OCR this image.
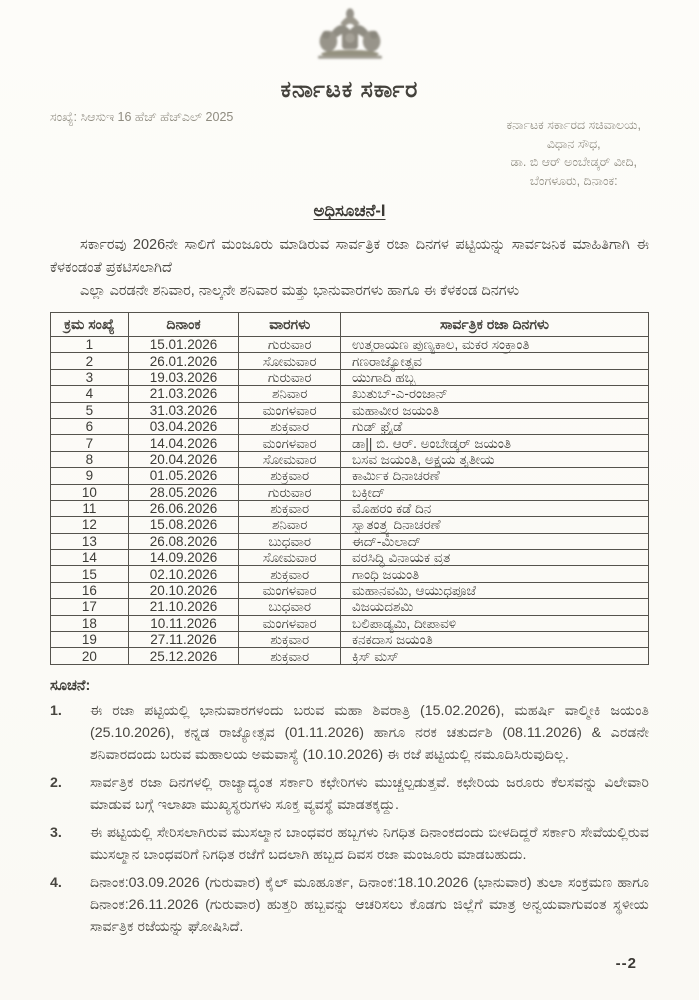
ಕರ್ನಾಟಕ ಸರ್ಕಾರ
ಸಂಖ್ಯೆ: ಸಿಆಸುಇ 16 ಹೆಚ್ ಹೆಚ್ಎಲ್ 2025
ಕರ್ನಾಟಕ ಸರ್ಕಾರದ ಸಚಿವಾಲಯ,
ವಿಧಾನ ಸೌಧ,
ಡಾ. ಬಿ ಆರ್ ಅಂಬೇಡ್ಕರ್ ವೀದಿ,
ಬೆಂಗಳೂರು, ದಿನಾಂಕ:
ಅಧಿಸೂಚನೆ-I

ಸರ್ಕಾರವು 2026ನೇ ಸಾಲಿಗೆ ಮಂಜೂರು ಮಾಡಿರುವ ಸಾರ್ವತ್ರಿಕ ರಜಾ ದಿನಗಳ ಪಟ್ಟಿಯನ್ನು ಸಾರ್ವಜನಿಕ ಮಾಹಿತಿಗಾಗಿ ಈ ಕೆಳಕಂಡಂತೆ ಪ್ರಕಟಿಸಲಾಗಿದೆ

ಎಲ್ಲಾ ಎರಡನೇ ಶನಿವಾರ, ನಾಲ್ಕನೇ ಶನಿವಾರ ಮತ್ತು ಭಾನುವಾರಗಳು ಹಾಗೂ ಈ ಕೆಳಕಂಡ ದಿನಗಳು

ಕ್ರಮ ಸಂಖ್ಯೆ	ದಿನಾಂಕ	ವಾರಗಳು	ಸಾರ್ವತ್ರಿಕ ರಜಾ ದಿನಗಳು
1	15.01.2026	ಗುರುವಾರ	ಉತ್ತರಾಯಣ ಪುಣ್ಯಕಾಲ, ಮಕರ ಸಂಕ್ರಾಂತಿ
2	26.01.2026	ಸೋಮವಾರ	ಗಣರಾಜ್ಯೋತ್ಸವ
3	19.03.2026	ಗುರುವಾರ	ಯುಗಾದಿ ಹಬ್ಬ
4	21.03.2026	ಶನಿವಾರ	ಖುತುಬ್-ಎ-ರಂಜಾನ್
5	31.03.2026	ಮಂಗಳವಾರ	ಮಹಾವೀರ ಜಯಂತಿ
6	03.04.2026	ಶುಕ್ರವಾರ	ಗುಡ್ ಫ್ರೈಡೆ
7	14.04.2026	ಮಂಗಳವಾರ	ಡಾ|| ಬಿ. ಆರ್. ಅಂಬೇಡ್ಕರ್ ಜಯಂತಿ
8	20.04.2026	ಸೋಮವಾರ	ಬಸವ ಜಯಂತಿ, ಅಕ್ಷಯ ತೃತೀಯ
9	01.05.2026	ಶುಕ್ರವಾರ	ಕಾರ್ಮಿಕ ದಿನಾಚರಣೆ
10	28.05.2026	ಗುರುವಾರ	ಬಕ್ರೀದ್
11	26.06.2026	ಶುಕ್ರವಾರ	ಮೊಹರಂ ಕಡೆ ದಿನ
12	15.08.2026	ಶನಿವಾರ	ಸ್ವಾತಂತ್ರ್ಯ ದಿನಾಚರಣೆ
13	26.08.2026	ಬುಧವಾರ	ಈದ್-ಮಿಲಾದ್
14	14.09.2026	ಸೋಮವಾರ	ವರಸಿದ್ಧಿ ವಿನಾಯಕ ವ್ರತ
15	02.10.2026	ಶುಕ್ರವಾರ	ಗಾಂಧಿ ಜಯಂತಿ
16	20.10.2026	ಮಂಗಳವಾರ	ಮಹಾನವಮಿ, ಆಯುಧಪೂಜೆ
17	21.10.2026	ಬುಧವಾರ	ವಿಜಯದಶಮಿ
18	10.11.2026	ಮಂಗಳವಾರ	ಬಲಿಪಾಡ್ಯಮಿ, ದೀಪಾವಳಿ
19	27.11.2026	ಶುಕ್ರವಾರ	ಕನಕದಾಸ ಜಯಂತಿ
20	25.12.2026	ಶುಕ್ರವಾರ	ಕ್ರಿಸ್ ಮಸ್
ಸೂಚನೆ:
1.	ಈ ರಜಾ ಪಟ್ಟಿಯಲ್ಲಿ ಭಾನುವಾರಗಳಂದು ಬರುವ ಮಹಾ ಶಿವರಾತ್ರಿ (15.02.2026), ಮಹರ್ಷಿ ವಾಲ್ಮೀಕಿ ಜಯಂತಿ (25.10.2026), ಕನ್ನಡ ರಾಜ್ಯೋತ್ಸವ (01.11.2026) ಹಾಗೂ ನರಕ ಚತುರ್ದಶಿ (08.11.2026) & ಎರಡನೇ ಶನಿವಾರದಂದು ಬರುವ ಮಹಾಲಯ ಅಮವಾಸ್ಯೆ (10.10.2026) ಈ ರಜೆ ಪಟ್ಟಿಯಲ್ಲಿ ನಮೂದಿಸಿರುವುದಿಲ್ಲ.
2.	ಸಾರ್ವತ್ರಿಕ ರಜಾ ದಿನಗಳಲ್ಲಿ ರಾಜ್ಯಾದ್ಯಂತ ಸರ್ಕಾರಿ ಕಛೇರಿಗಳು ಮುಚ್ಚಲ್ಪಡುತ್ತವೆ. ಕಛೇರಿಯ ಜರೂರು ಕೆಲಸವನ್ನು ವಿಲೇವಾರಿ ಮಾಡುವ ಬಗ್ಗೆ ಇಲಾಖಾ ಮುಖ್ಯಸ್ಥರುಗಳು ಸೂಕ್ತ ವ್ಯವಸ್ಥೆ ಮಾಡತಕ್ಕದ್ದು.
3.	ಈ ಪಟ್ಟಿಯಲ್ಲಿ ಸೇರಿಸಲಾಗಿರುವ ಮುಸಲ್ಮಾನ ಬಾಂಧವರ ಹಬ್ಬಗಳು ನಿಗಧಿತ ದಿನಾಂಕದಂದು ಬೀಳದಿದ್ದರೆ ಸರ್ಕಾರಿ ಸೇವೆಯಲ್ಲಿರುವ ಮುಸಲ್ಮಾನ ಬಾಂಧವರಿಗೆ ನಿಗಧಿತ ರಜೆಗೆ ಬದಲಾಗಿ ಹಬ್ಬದ ದಿವಸ ರಜಾ ಮಂಜೂರು ಮಾಡಬಹುದು.
4.	ದಿನಾಂಕ:03.09.2026 (ಗುರುವಾರ) ಕೈಲ್ ಮೂಹೂರ್ತ, ದಿನಾಂಕ:18.10.2026 (ಭಾನುವಾರ) ತುಲಾ ಸಂಕ್ರಮಣ ಹಾಗೂ ದಿನಾಂಕ:26.11.2026 (ಗುರುವಾರ) ಹುತ್ತರಿ ಹಬ್ಬವನ್ನು ಆಚರಿಸಲು ಕೊಡಗು ಜಿಲ್ಲೆಗೆ ಮಾತ್ರ ಅನ್ವಯವಾಗುವಂತ ಸ್ಥಳೀಯ ಸಾರ್ವತ್ರಿಕ ರಜೆಯನ್ನು ಘೋಷಿಸಿದೆ.
--2
